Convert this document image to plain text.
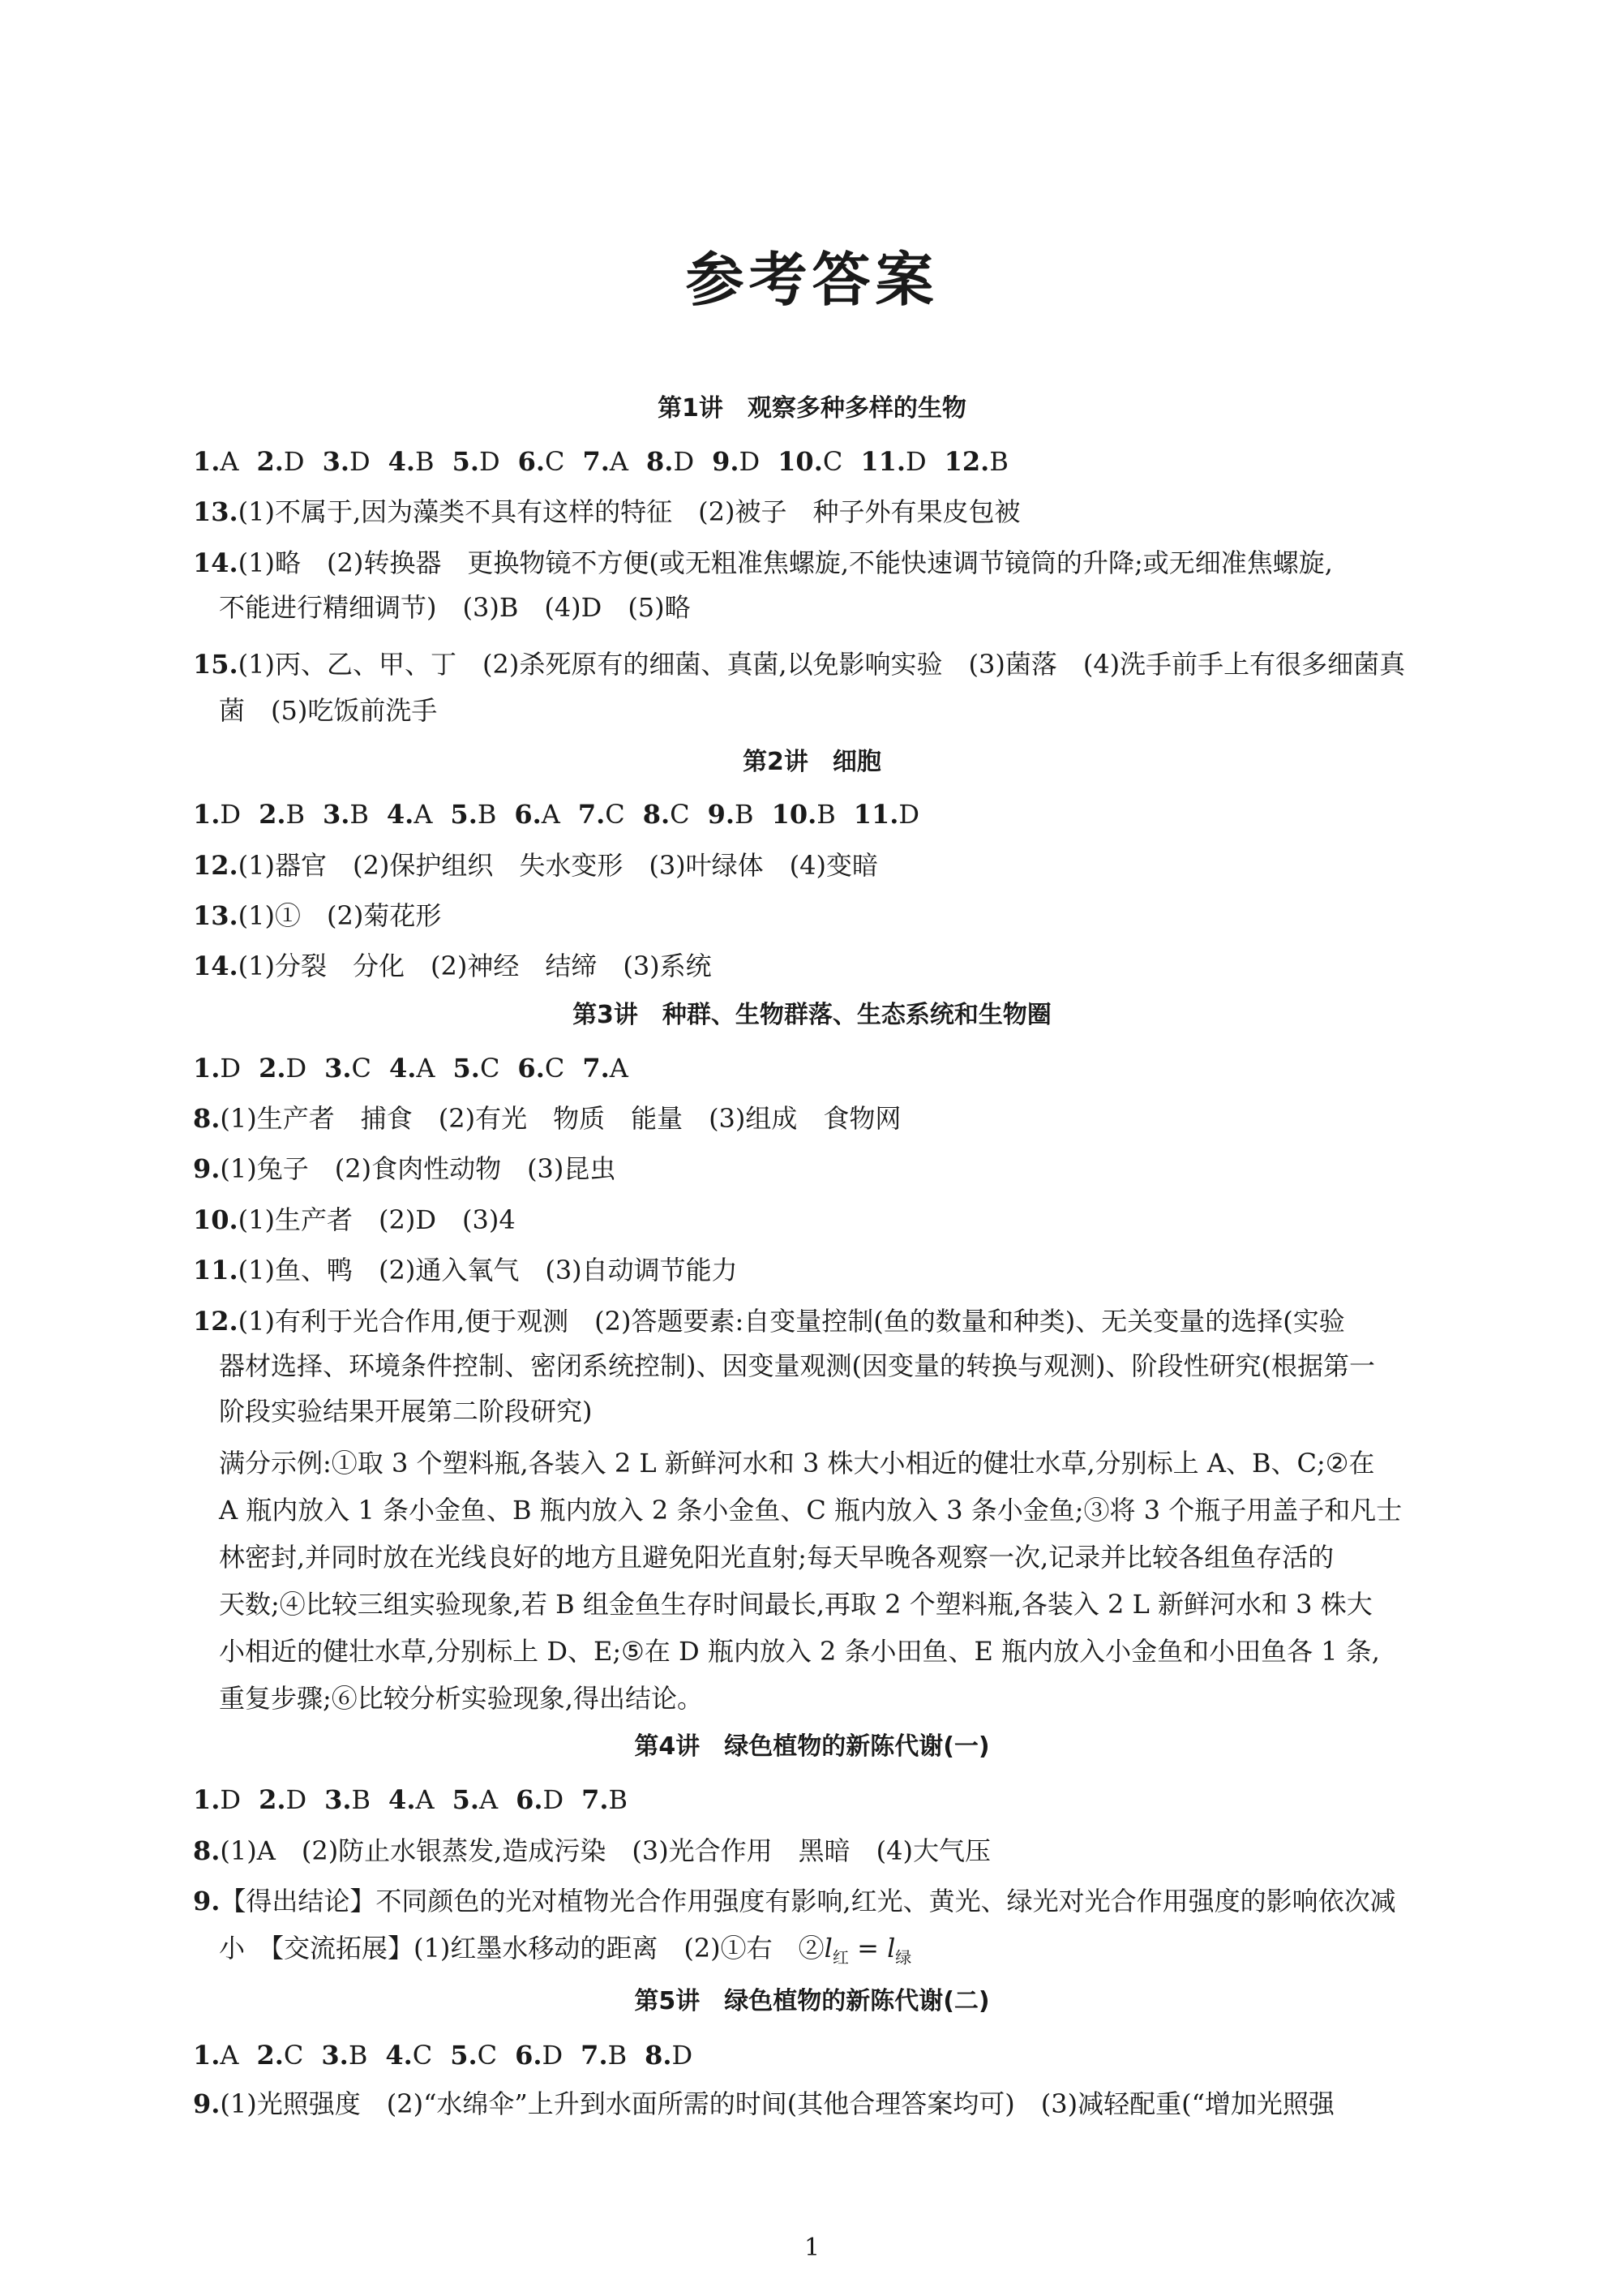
参考答案
第1讲　观察多种多样的生物
1.A 2.D 3.D 4.B 5.D 6.C 7.A 8.D 9.D 10.C 11.D 12.B
13.(1)不属于,因为藻类不具有这样的特征　(2)被子　种子外有果皮包被
14.(1)略　(2)转换器　更换物镜不方便(或无粗准焦螺旋,不能快速调节镜筒的升降;或无细准焦螺旋,
不能进行精细调节)　(3)B　(4)D　(5)略
15.(1)丙、乙、甲、丁　(2)杀死原有的细菌、真菌,以免影响实验　(3)菌落　(4)洗手前手上有很多细菌真
菌　(5)吃饭前洗手
第2讲　细胞
1.D 2.B 3.B 4.A 5.B 6.A 7.C 8.C 9.B 10.B 11.D
12.(1)器官　(2)保护组织　失水变形　(3)叶绿体　(4)变暗
13.(1)①　(2)菊花形
14.(1)分裂　分化　(2)神经　结缔　(3)系统
第3讲　种群、生物群落、生态系统和生物圈
1.D 2.D 3.C 4.A 5.C 6.C 7.A
8.(1)生产者　捕食　(2)有光　物质　能量　(3)组成　食物网
9.(1)兔子　(2)食肉性动物　(3)昆虫
10.(1)生产者　(2)D　(3)4
11.(1)鱼、鸭　(2)通入氧气　(3)自动调节能力
12.(1)有利于光合作用,便于观测　(2)答题要素:自变量控制(鱼的数量和种类)、无关变量的选择(实验
器材选择、环境条件控制、密闭系统控制)、因变量观测(因变量的转换与观测)、阶段性研究(根据第一
阶段实验结果开展第二阶段研究)
满分示例:①取 3 个塑料瓶,各装入 2 L 新鲜河水和 3 株大小相近的健壮水草,分别标上 A、B、C;②在
A 瓶内放入 1 条小金鱼、B 瓶内放入 2 条小金鱼、C 瓶内放入 3 条小金鱼;③将 3 个瓶子用盖子和凡士
林密封,并同时放在光线良好的地方且避免阳光直射;每天早晚各观察一次,记录并比较各组鱼存活的
天数;④比较三组实验现象,若 B 组金鱼生存时间最长,再取 2 个塑料瓶,各装入 2 L 新鲜河水和 3 株大
小相近的健壮水草,分别标上 D、E;⑤在 D 瓶内放入 2 条小田鱼、E 瓶内放入小金鱼和小田鱼各 1 条,
重复步骤;⑥比较分析实验现象,得出结论。
第4讲　绿色植物的新陈代谢(一)
1.D 2.D 3.B 4.A 5.A 6.D 7.B
8.(1)A　(2)防止水银蒸发,造成污染　(3)光合作用　黑暗　(4)大气压
9.【得出结论】不同颜色的光对植物光合作用强度有影响,红光、黄光、绿光对光合作用强度的影响依次减
小　【交流拓展】(1)红墨水移动的距离　(2)①右　$②l_红 = l_绿$
第5讲　绿色植物的新陈代谢(二)
1.A 2.C 3.B 4.C 5.C 6.D 7.B 8.D
9.(1)光照强度　(2)“水绵伞”上升到水面所需的时间(其他合理答案均可)　(3)减轻配重(“增加光照强
1
